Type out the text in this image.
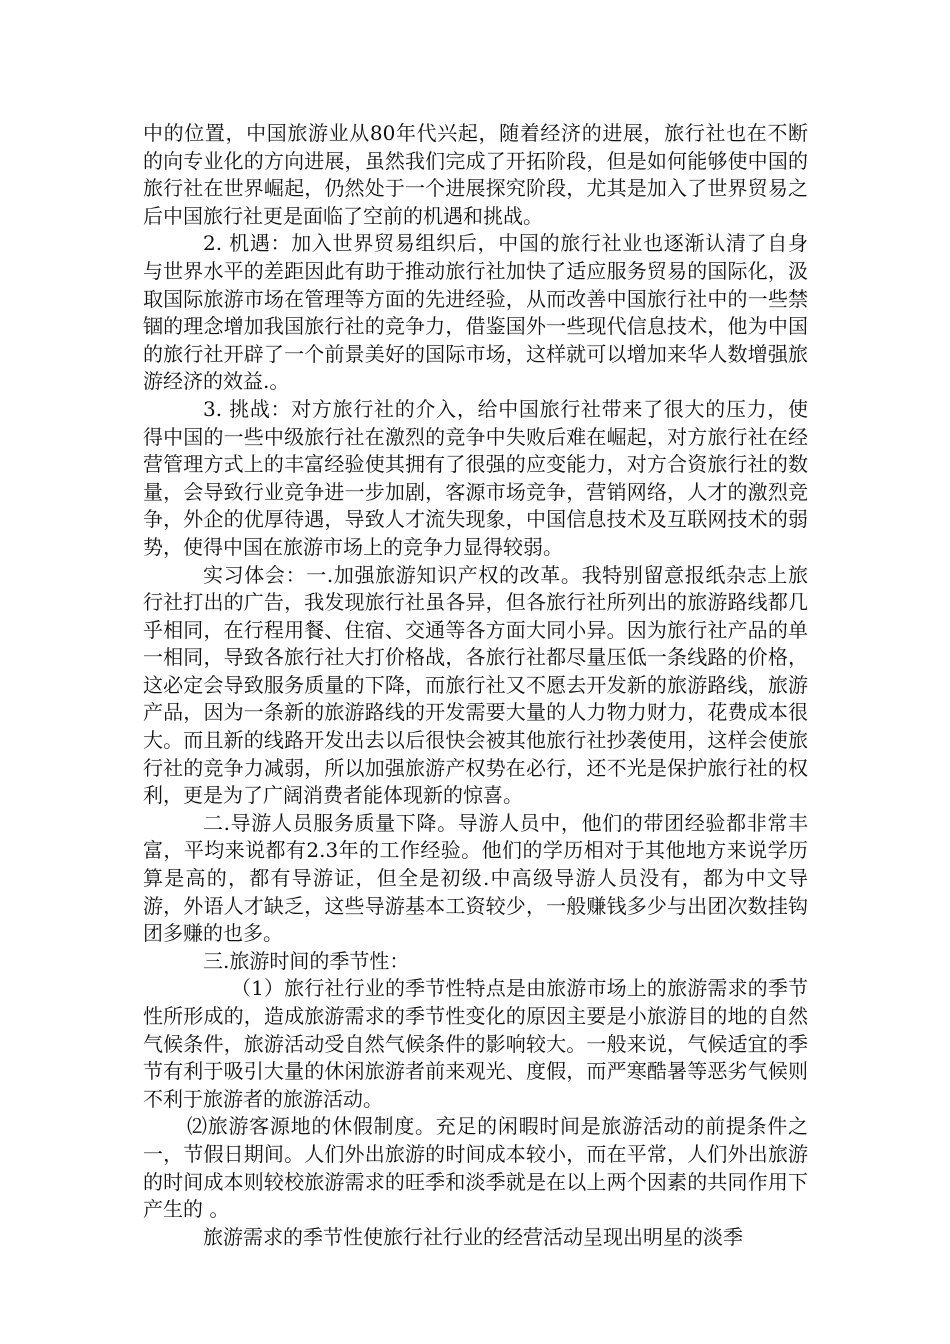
中的位置，中国旅游业从80年代兴起，随着经济的进展，旅行社也在不断的向专业化的方向进展，虽然我们完成了开拓阶段，但是如何能够使中国的旅行社在世界崛起，仍然处于一个进展探究阶段，尤其是加入了世界贸易之后中国旅行社更是面临了空前的机遇和挑战。

2. 机遇：加入世界贸易组织后，中国的旅行社业也逐渐认清了自身与世界水平的差距因此有助于推动旅行社加快了适应服务贸易的国际化，汲取国际旅游市场在管理等方面的先进经验，从而改善中国旅行社中的一些禁锢的理念增加我国旅行社的竞争力，借鉴国外一些现代信息技术，他为中国的旅行社开辟了一个前景美好的国际市场，这样就可以增加来华人数增强旅游经济的效益.。

3. 挑战：对方旅行社的介入，给中国旅行社带来了很大的压力，使得中国的一些中级旅行社在激烈的竞争中失败后难在崛起，对方旅行社在经营管理方式上的丰富经验使其拥有了很强的应变能力，对方合资旅行社的数量，会导致行业竞争进一步加剧，客源市场竞争，营销网络，人才的激烈竞争，外企的优厚待遇，导致人才流失现象，中国信息技术及互联网技术的弱势，使得中国在旅游市场上的竞争力显得较弱。

实习体会：一.加强旅游知识产权的改革。我特别留意报纸杂志上旅行社打出的广告，我发现旅行社虽各异，但各旅行社所列出的旅游路线都几乎相同，在行程用餐、住宿、交通等各方面大同小异。因为旅行社产品的单一相同，导致各旅行社大打价格战，各旅行社都尽量压低一条线路的价格，这必定会导致服务质量的下降，而旅行社又不愿去开发新的旅游路线，旅游产品，因为一条新的旅游路线的开发需要大量的人力物力财力，花费成本很大。而且新的线路开发出去以后很快会被其他旅行社抄袭使用，这样会使旅行社的竞争力减弱，所以加强旅游产权势在必行，还不光是保护旅行社的权利，更是为了广阔消费者能体现新的惊喜。

二.导游人员服务质量下降。导游人员中，他们的带团经验都非常丰富，平均来说都有2.3年的工作经验。他们的学历相对于其他地方来说学历算是高的，都有导游证，但全是初级.中高级导游人员没有，都为中文导游，外语人才缺乏，这些导游基本工资较少，一般赚钱多少与出团次数挂钩团多赚的也多。

三.旅游时间的季节性：

（1）旅行社行业的季节性特点是由旅游市场上的旅游需求的季节性所形成的，造成旅游需求的季节性变化的原因主要是小旅游目的地的自然气候条件，旅游活动受自然气候条件的影响较大。一般来说，气候适宜的季节有利于吸引大量的休闲旅游者前来观光、度假，而严寒酷暑等恶劣气候则不利于旅游者的旅游活动。

⑵旅游客源地的休假制度。充足的闲暇时间是旅游活动的前提条件之一，节假日期间。人们外出旅游的时间成本较小，而在平常，人们外出旅游的时间成本则较校旅游需求的旺季和淡季就是在以上两个因素的共同作用下产生的 。

旅游需求的季节性使旅行社行业的经营活动呈现出明星的淡季
